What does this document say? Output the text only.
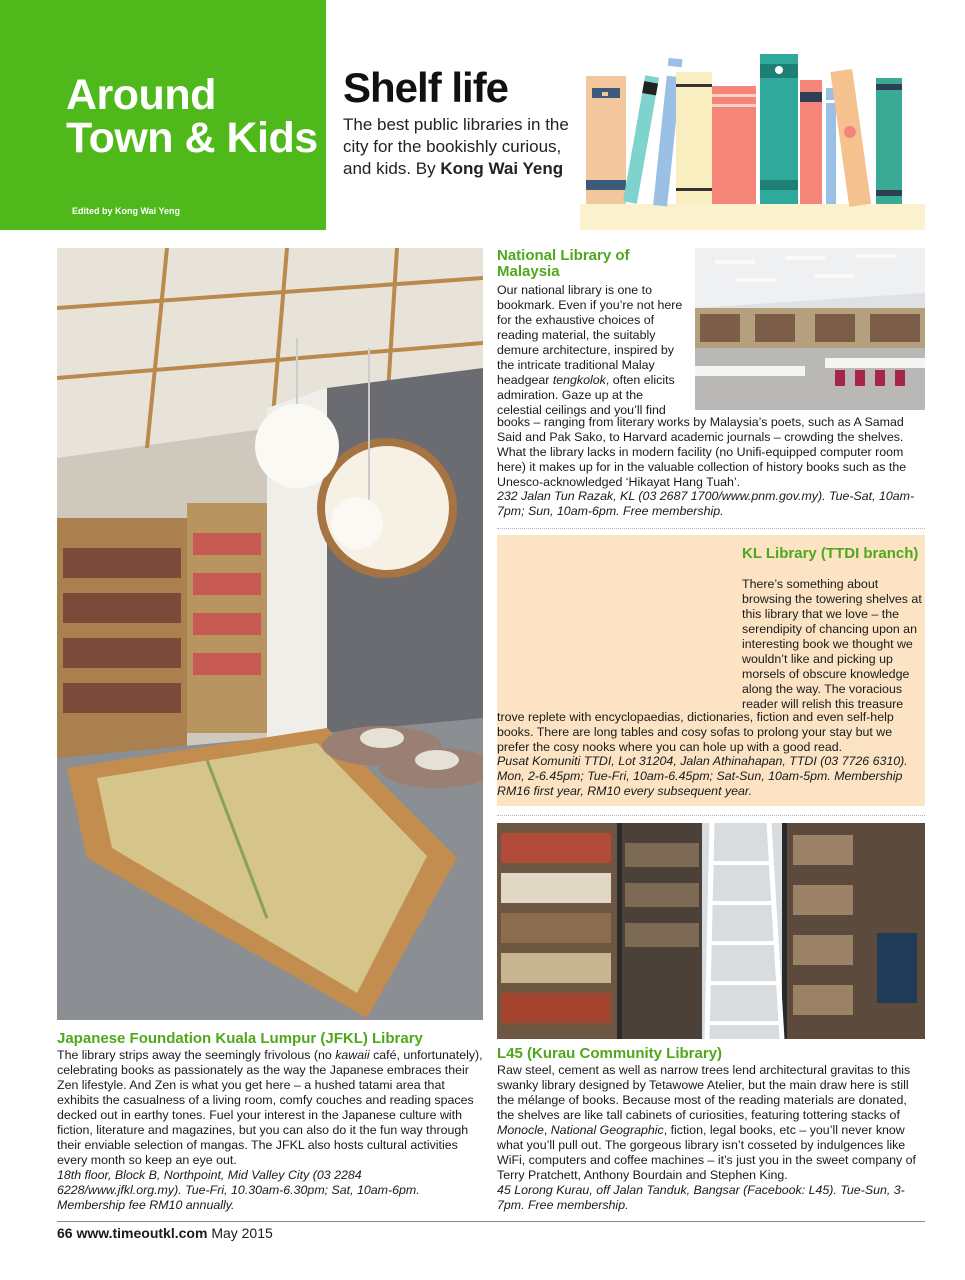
Around Town & Kids
Edited by Kong Wai Yeng
Shelf life
The best public libraries in the city for the bookishly curious, and kids. By Kong Wai Yeng
National Library of Malaysia
Our national library is one to bookmark. Even if you’re not here for the exhaustive choices of reading material, the suitably demure architecture, inspired by the intricate traditional Malay headgear tengkolok, often elicits admiration. Gaze up at the celestial ceilings and you’ll find
books – ranging from literary works by Malaysia’s poets, such as A Samad Said and Pak Sako, to Harvard academic journals – crowding the shelves. What the library lacks in modern facility (no Unifi-equipped computer room here) it makes up for in the valuable collection of history books such as the Unesco-acknowledged ‘Hikayat Hang Tuah’.
232 Jalan Tun Razak, KL (03 2687 1700/www.pnm.gov.my). Tue-Sat, 10am-7pm; Sun, 10am-6pm. Free membership.
KL Library (TTDI branch)
There’s something about browsing the towering shelves at this library that we love – the serendipity of chancing upon an interesting book we thought we wouldn’t like and picking up morsels of obscure knowledge along the way. The voracious reader will relish this treasure
trove replete with encyclopaedias, dictionaries, fiction and even self-help books. There are long tables and cosy sofas to prolong your stay but we prefer the cosy nooks where you can hole up with a good read.
Pusat Komuniti TTDI, Lot 31204, Jalan Athinahapan, TTDI (03 7726 6310). Mon, 2-6.45pm; Tue-Fri, 10am-6.45pm; Sat-Sun, 10am-5pm. Membership RM16 first year, RM10 every subsequent year.
Japanese Foundation Kuala Lumpur (JFKL) Library
The library strips away the seemingly frivolous (no kawaii café, unfortunately), celebrating books as passionately as the way the Japanese embraces their Zen lifestyle. And Zen is what you get here – a hushed tatami area that exhibits the casualness of a living room, comfy couches and reading spaces decked out in earthy tones. Fuel your interest in the Japanese culture with fiction, literature and magazines, but you can also do it the fun way through their enviable selection of mangas. The JFKL also hosts cultural activities every month so keep an eye out.
18th floor, Block B, Northpoint, Mid Valley City (03 2284 6228/www.jfkl.org.my). Tue-Fri, 10.30am-6.30pm; Sat, 10am-6pm. Membership fee RM10 annually.
L45 (Kurau Community Library)
Raw steel, cement as well as narrow trees lend architectural gravitas to this swanky library designed by Tetawowe Atelier, but the main draw here is still the mélange of books. Because most of the reading materials are donated, the shelves are like tall cabinets of curiosities, featuring tottering stacks of Monocle, National Geographic, fiction, legal books, etc – you’ll never know what you’ll pull out. The gorgeous library isn’t cosseted by indulgences like WiFi, computers and coffee machines – it’s just you in the sweet company of Terry Pratchett, Anthony Bourdain and Stephen King.
45 Lorong Kurau, off Jalan Tanduk, Bangsar (Facebook: L45). Tue-Sun, 3-7pm. Free membership.
66 www.timeoutkl.com May 2015
